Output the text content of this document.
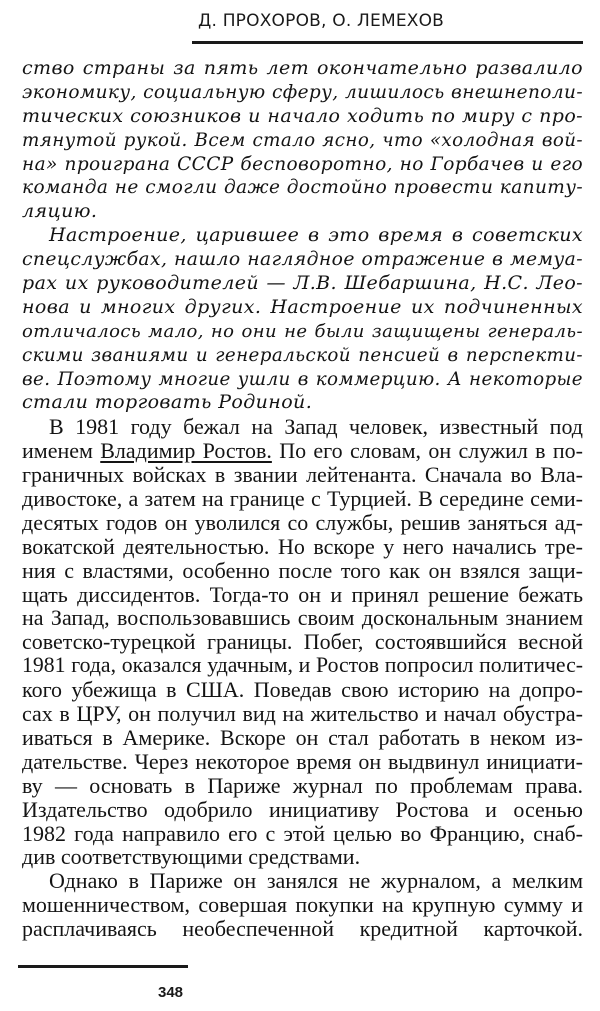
Д. ПРОХОРОВ, О. ЛЕМЕХОВ
ство страны за пять лет окончательно развалило
экономику, социальную сферу, лишилось внешнеполи-
тических союзников и начало ходить по миру с про-
тянутой рукой. Всем стало ясно, что «холодная вой-
на» проиграна СССР бесповоротно, но Горбачев и его
команда не смогли даже достойно провести капиту-
ляцию.
Настроение, царившее в это время в советских
спецслужбах, нашло наглядное отражение в мемуа-
рах их руководителей — Л.В. Шебаршина, Н.С. Лео-
нова и многих других. Настроение их подчиненных
отличалось мало, но они не были защищены генераль-
скими званиями и генеральской пенсией в перспекти-
ве. Поэтому многие ушли в коммерцию. А некоторые
стали торговать Родиной.
В 1981 году бежал на Запад человек, известный под
именем Владимир Ростов. По его словам, он служил в по-
граничных войсках в звании лейтенанта. Сначала во Вла-
дивостоке, а затем на границе с Турцией. В середине семи-
десятых годов он уволился со службы, решив заняться ад-
вокатской деятельностью. Но вскоре у него начались тре-
ния с властями, особенно после того как он взялся защи-
щать диссидентов. Тогда-то он и принял решение бежать
на Запад, воспользовавшись своим доскональным знанием
советско-турецкой границы. Побег, состоявшийся весной
1981 года, оказался удачным, и Ростов попросил политичес-
кого убежища в США. Поведав свою историю на допро-
сах в ЦРУ, он получил вид на жительство и начал обустра-
иваться в Америке. Вскоре он стал работать в неком из-
дательстве. Через некоторое время он выдвинул инициати-
ву — основать в Париже журнал по проблемам права.
Издательство одобрило инициативу Ростова и осенью
1982 года направило его с этой целью во Францию, снаб-
див соответствующими средствами.
Однако в Париже он занялся не журналом, а мелким
мошенничеством, совершая покупки на крупную сумму и
расплачиваясь необеспеченной кредитной карточкой.
348
